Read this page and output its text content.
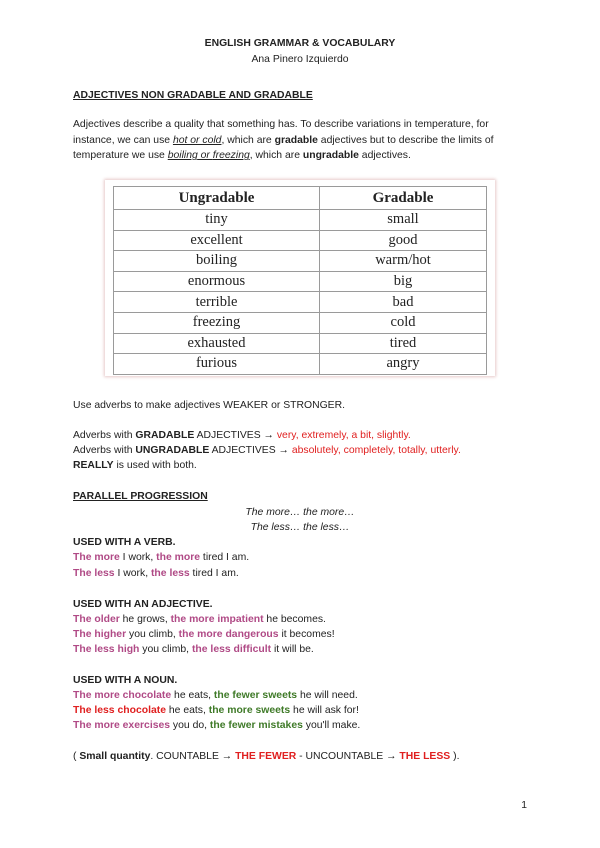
ENGLISH GRAMMAR & VOCABULARY
Ana Pinero Izquierdo
ADJECTIVES NON GRADABLE AND GRADABLE
Adjectives describe a quality that something has. To describe variations in temperature, for instance, we can use hot or cold, which are gradable adjectives but to describe the limits of temperature we use boiling or freezing, which are ungradable adjectives.
Ungradable	Gradable
tiny	small
excellent	good
boiling	warm/hot
enormous	big
terrible	bad
freezing	cold
exhausted	tired
furious	angry
Use adverbs to make adjectives WEAKER or STRONGER.
Adverbs with GRADABLE ADJECTIVES → very, extremely, a bit, slightly.
Adverbs with UNGRADABLE ADJECTIVES → absolutely, completely, totally, utterly.
REALLY is used with both.
PARALLEL PROGRESSION
The more… the more…
The less… the less…
USED WITH A VERB.
The more I work, the more tired I am.
The less I work, the less tired I am.
USED WITH AN ADJECTIVE.
The older he grows, the more impatient he becomes.
The higher you climb, the more dangerous it becomes!
The less high you climb, the less difficult it will be.
USED WITH A NOUN.
The more chocolate he eats, the fewer sweets he will need.
The less chocolate he eats, the more sweets he will ask for!
The more exercises you do, the fewer mistakes you'll make.
( Small quantity. COUNTABLE → THE FEWER - UNCOUNTABLE → THE LESS ).
1
